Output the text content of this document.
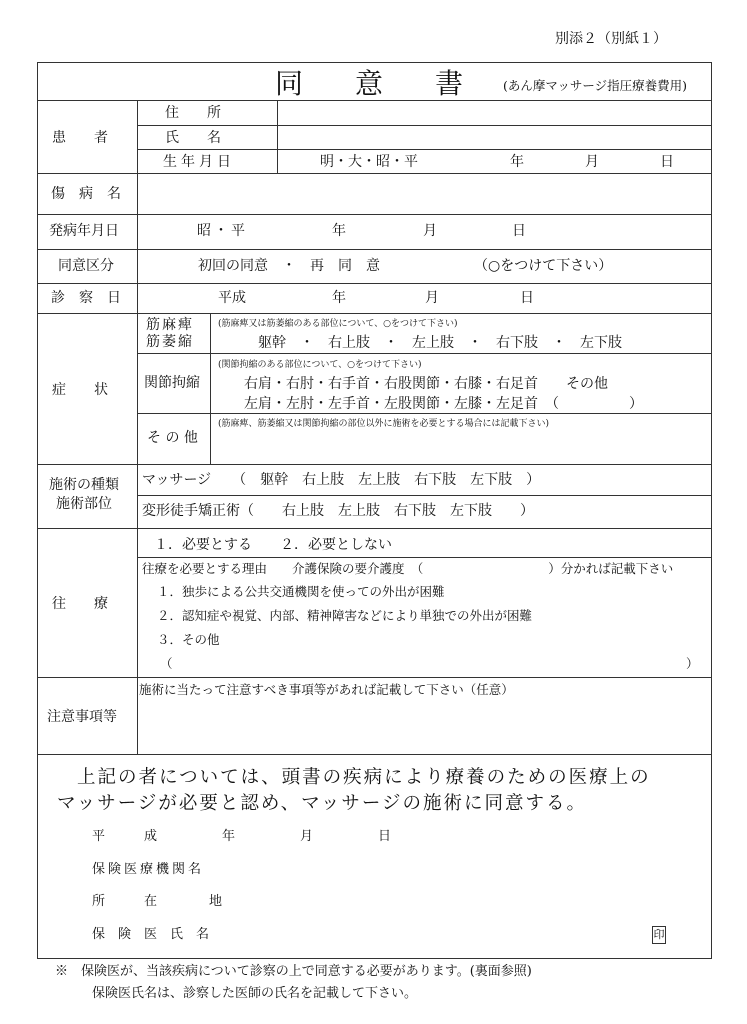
別添２（別紙１）
同意書
(あん摩マッサージ指圧療養費用)
患　　者
住　　所
氏　　名
生年月日	明・大・昭・平	年	月	日
傷　病　名
発病年月日	昭・平	年	月	日
同意区分	初回の同意　・　再　同　意	（○をつけて下さい）
診　察　日	平成	年	月	日
症　　状
筋麻痺
筋萎縮
(筋麻痺又は筋萎縮のある部位について、○をつけて下さい)
躯幹　・　右上肢　・　左上肢　・　右下肢　・　左下肢
関節拘縮
(関節拘縮のある部位について、○をつけて下さい)
右肩・右肘・右手首・右股関節・右膝・右足首　　その他
左肩・左肘・左手首・左股関節・左膝・左足首　（　　　　　）
そ の 他
(筋麻痺、筋萎縮又は関節拘縮の部位以外に施術を必要とする場合には記載下さい)
施術の種類
施術部位
マッサージ　　（　躯幹　右上肢　左上肢　右下肢　左下肢　）
変形徒手矯正術（　　右上肢　左上肢　右下肢　左下肢　　）
往　　療
１．必要とする　　２．必要としない
往療を必要とする理由　　介護保険の要介護度　（　　　　　　　　　　）分かれば記載下さい
１．独歩による公共交通機関を使っての外出が困難
２．認知症や視覚、内部、精神障害などにより単独での外出が困難
３．その他
（	）
注意事項等
施術に当たって注意すべき事項等があれば記載して下さい（任意）
上記の者については、頭書の疾病により療養のための医療上の
マッサージが必要と認め、マッサージの施術に同意する。
平　　　成　　　　　年　　　　　月　　　　　日
保険医療機関名
所　　　在　　　　地
保　険　医　氏　名	印
※　保険医が、当該疾病について診察の上で同意する必要があります。(裏面参照)
保険医氏名は、診察した医師の氏名を記載して下さい。
